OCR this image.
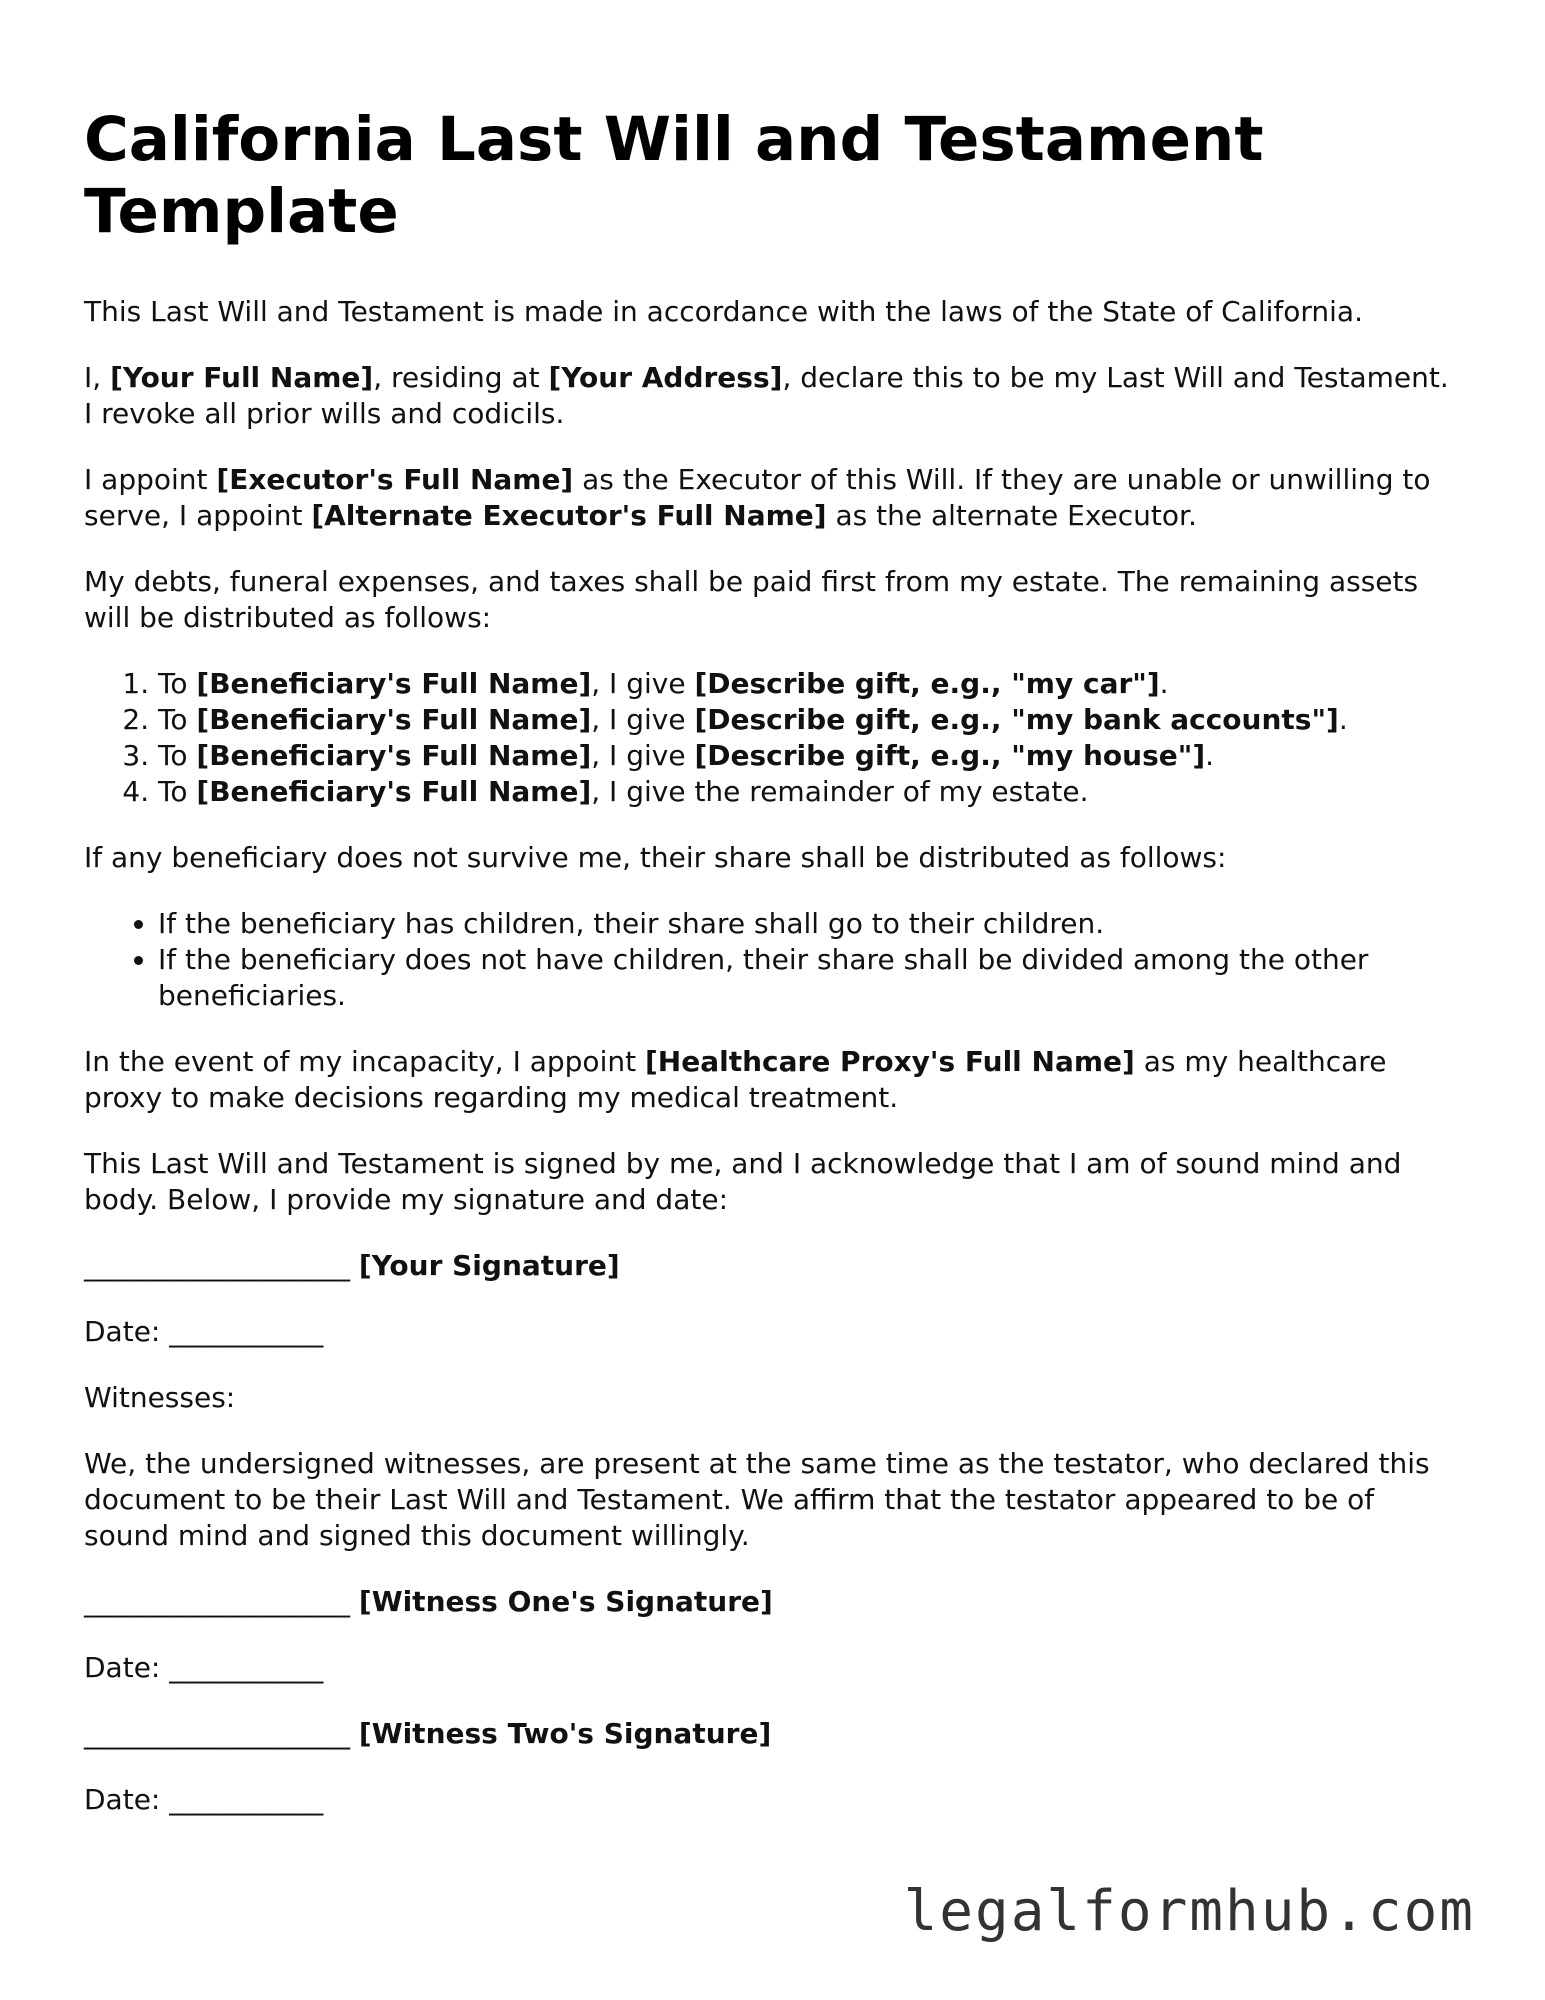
California Last Will and Testament Template

This Last Will and Testament is made in accordance with the laws of the State of California.

I, [Your Full Name], residing at [Your Address], declare this to be my Last Will and Testament. I revoke all prior wills and codicils.

I appoint [Executor's Full Name] as the Executor of this Will. If they are unable or unwilling to serve, I appoint [Alternate Executor's Full Name] as the alternate Executor.

My debts, funeral expenses, and taxes shall be paid first from my estate. The remaining assets will be distributed as follows:

1. To [Beneficiary's Full Name], I give [Describe gift, e.g., "my car"].
2. To [Beneficiary's Full Name], I give [Describe gift, e.g., "my bank accounts"].
3. To [Beneficiary's Full Name], I give [Describe gift, e.g., "my house"].
4. To [Beneficiary's Full Name], I give the remainder of my estate.

If any beneficiary does not survive me, their share shall be distributed as follows:

• If the beneficiary has children, their share shall go to their children.
• If the beneficiary does not have children, their share shall be divided among the other beneficiaries.

In the event of my incapacity, I appoint [Healthcare Proxy's Full Name] as my healthcare proxy to make decisions regarding my medical treatment.

This Last Will and Testament is signed by me, and I acknowledge that I am of sound mind and body. Below, I provide my signature and date:

___________________ [Your Signature]
Date: ___________

Witnesses:

We, the undersigned witnesses, are present at the same time as the testator, who declared this document to be their Last Will and Testament. We affirm that the testator appeared to be of sound mind and signed this document willingly.

___________________ [Witness One's Signature]
Date: ___________
___________________ [Witness Two's Signature]
Date: ___________
legalformhub.com
